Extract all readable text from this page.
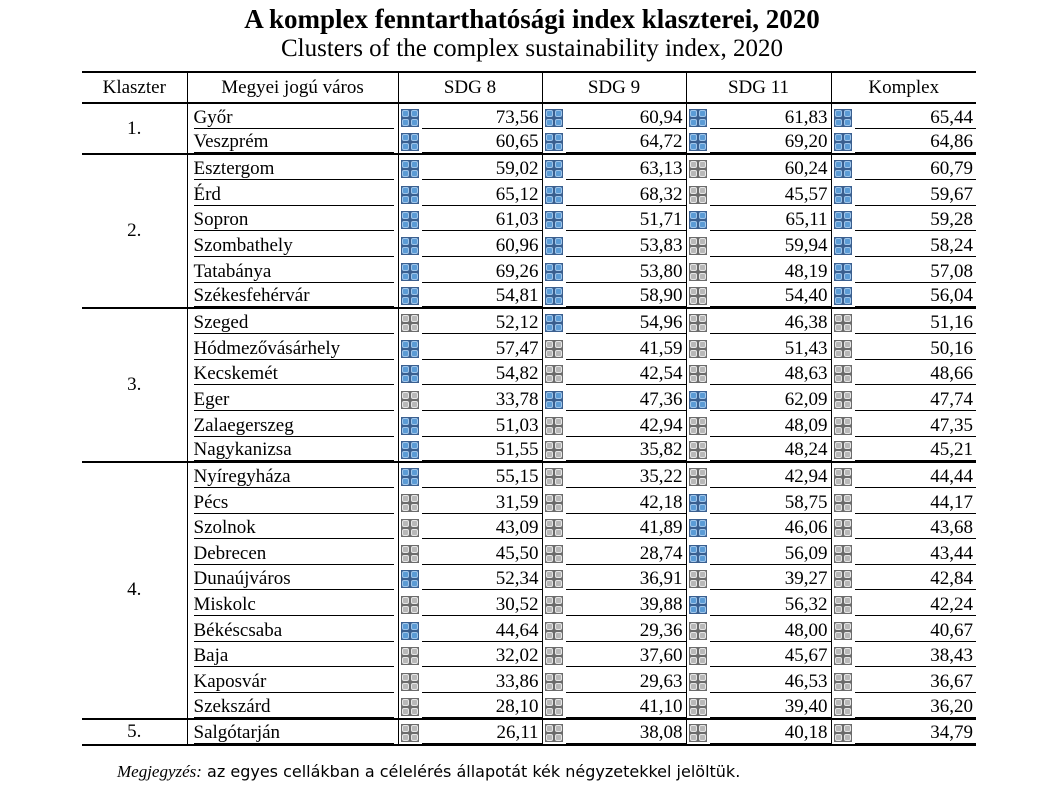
A komplex fenntarthatósági index klaszterei, 2020
Clusters of the complex sustainability index, 2020
Klaszter	Megyei jogú város	SDG 8	SDG 9	SDG 11	Komplex
1.	Győr	73,56	60,94	61,83	65,44

	Veszprém	60,65	64,72	69,20	64,86

2.	Esztergom	59,02	63,13	60,24	60,79

	Érd	65,12	68,32	45,57	59,67

	Sopron	61,03	51,71	65,11	59,28

	Szombathely	60,96	53,83	59,94	58,24

	Tatabánya	69,26	53,80	48,19	57,08

	Székesfehérvár	54,81	58,90	54,40	56,04

3.	Szeged	52,12	54,96	46,38	51,16

	Hódmezővásárhely	57,47	41,59	51,43	50,16

	Kecskemét	54,82	42,54	48,63	48,66

	Eger	33,78	47,36	62,09	47,74

	Zalaegerszeg	51,03	42,94	48,09	47,35

	Nagykanizsa	51,55	35,82	48,24	45,21

4.	Nyíregyháza	55,15	35,22	42,94	44,44

	Pécs	31,59	42,18	58,75	44,17

	Szolnok	43,09	41,89	46,06	43,68

	Debrecen	45,50	28,74	56,09	43,44

	Dunaújváros	52,34	36,91	39,27	42,84

	Miskolc	30,52	39,88	56,32	42,24

	Békéscsaba	44,64	29,36	48,00	40,67

	Baja	32,02	37,60	45,67	38,43

	Kaposvár	33,86	29,63	46,53	36,67

	Szekszárd	28,10	41,10	39,40	36,20

5.	Salgótarján	26,11	38,08	40,18	34,79
Megjegyzés: az egyes cellákban a célelérés állapotát kék négyzetekkel jelöltük.
